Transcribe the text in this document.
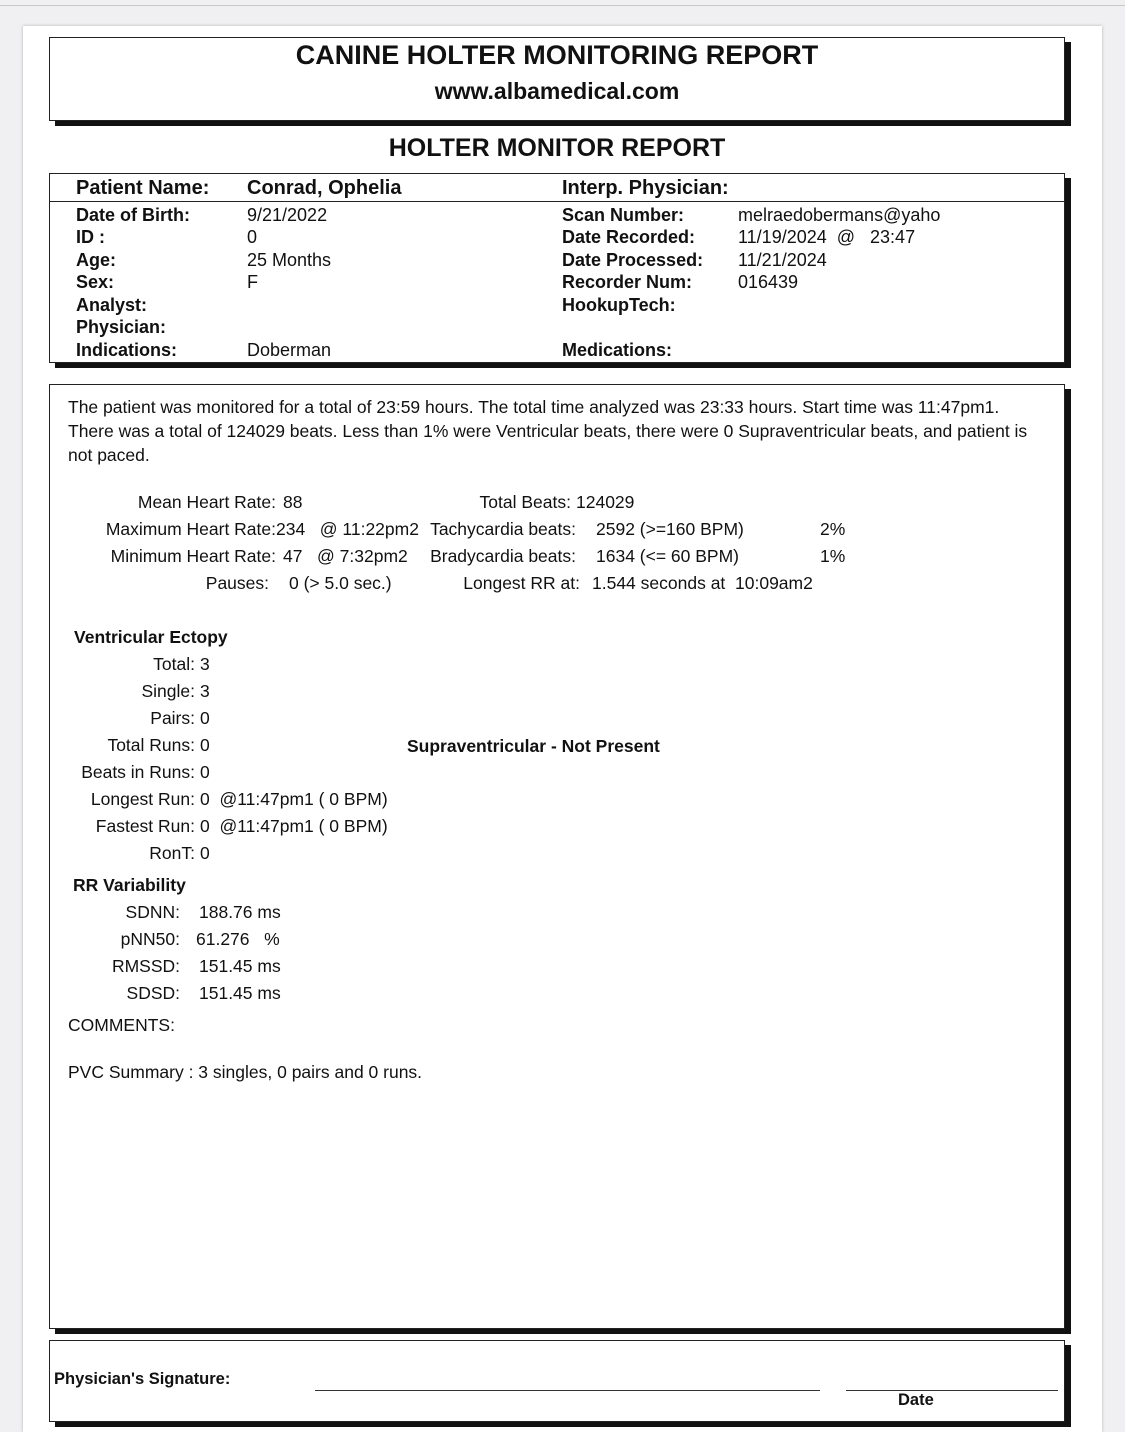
CANINE HOLTER MONITORING REPORT
www.albamedical.com
HOLTER MONITOR REPORT
Patient Name: Conrad, Ophelia	Interp. Physician:
Date of Birth:	9/21/2022
ID :	0
Age:	25 Months
Sex:	F
Analyst:
Physician:
Indications:	Doberman
Scan Number:	melraedobermans@yaho
Date Recorded: 11/19/2024  @   23:47
Date Processed: 11/21/2024
Recorder Num:	016439
HookupTech:
Medications:
The patient was monitored for a total of 23:59 hours. The total time analyzed was 23:33 hours. Start time was 11:47pm1. There was a total of 124029 beats. Less than 1% were Ventricular beats, there were 0 Supraventricular beats, and patient is not paced.
Mean Heart Rate: 88
Maximum Heart Rate: 234   @ 11:22pm2
Minimum Heart Rate: 47   @ 7:32pm2
Pauses: 0 (> 5.0 sec.)
Total Beats: 124029
Tachycardia beats: 2592 (>=160 BPM)	2%
Bradycardia beats: 1634 (<= 60 BPM)	1%
Longest RR at: 1.544 seconds at  10:09am2
Ventricular Ectopy
Total: 3
Single: 3
Pairs: 0
Total Runs: 0
Beats in Runs: 0
Longest Run: 0  @11:47pm1 ( 0 BPM)
Fastest Run: 0  @11:47pm1 ( 0 BPM)
RonT: 0
Supraventricular - Not Present
RR Variability
SDNN: 188.76 ms
pNN50: 61.276   %
RMSSD: 151.45 ms
SDSD: 151.45 ms
COMMENTS:
PVC Summary : 3 singles, 0 pairs and 0 runs.
Physician's Signature:
Date
